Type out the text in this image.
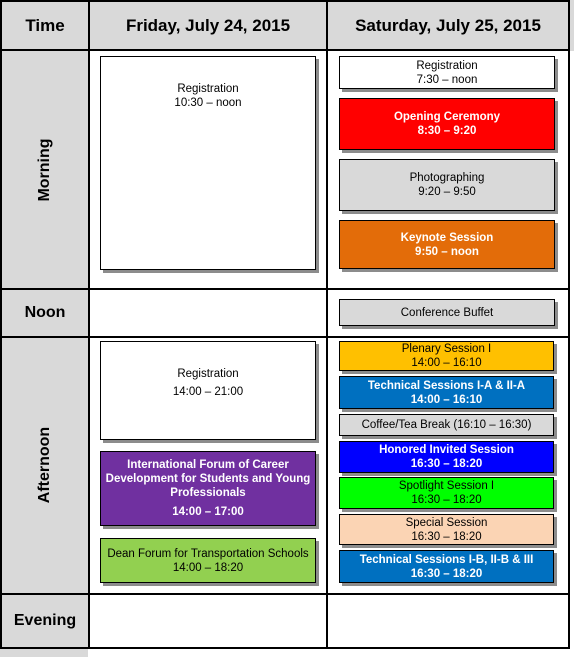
Time	Friday, July 24, 2015	Saturday, July 25, 2015
Morning
Noon
Afternoon
Evening
Registration
10:30 – noon
Registration
7:30 – noon
Opening Ceremony
8:30 – 9:20
Photographing
9:20 – 9:50
Keynote Session
9:50 – noon
Conference Buffet
Registration
14:00 – 21:00
International Forum of Career Development for Students and Young Professionals
14:00 – 17:00
Dean Forum for Transportation Schools
14:00 – 18:20
Plenary Session I
14:00 – 16:10
Technical Sessions I-A & II-A
14:00 – 16:10
Coffee/Tea Break (16:10 – 16:30)
Honored Invited Session
16:30 – 18:20
Spotlight Session I
16:30 – 18:20
Special Session
16:30 – 18:20
Technical Sessions I-B, II-B & III
16:30 – 18:20
